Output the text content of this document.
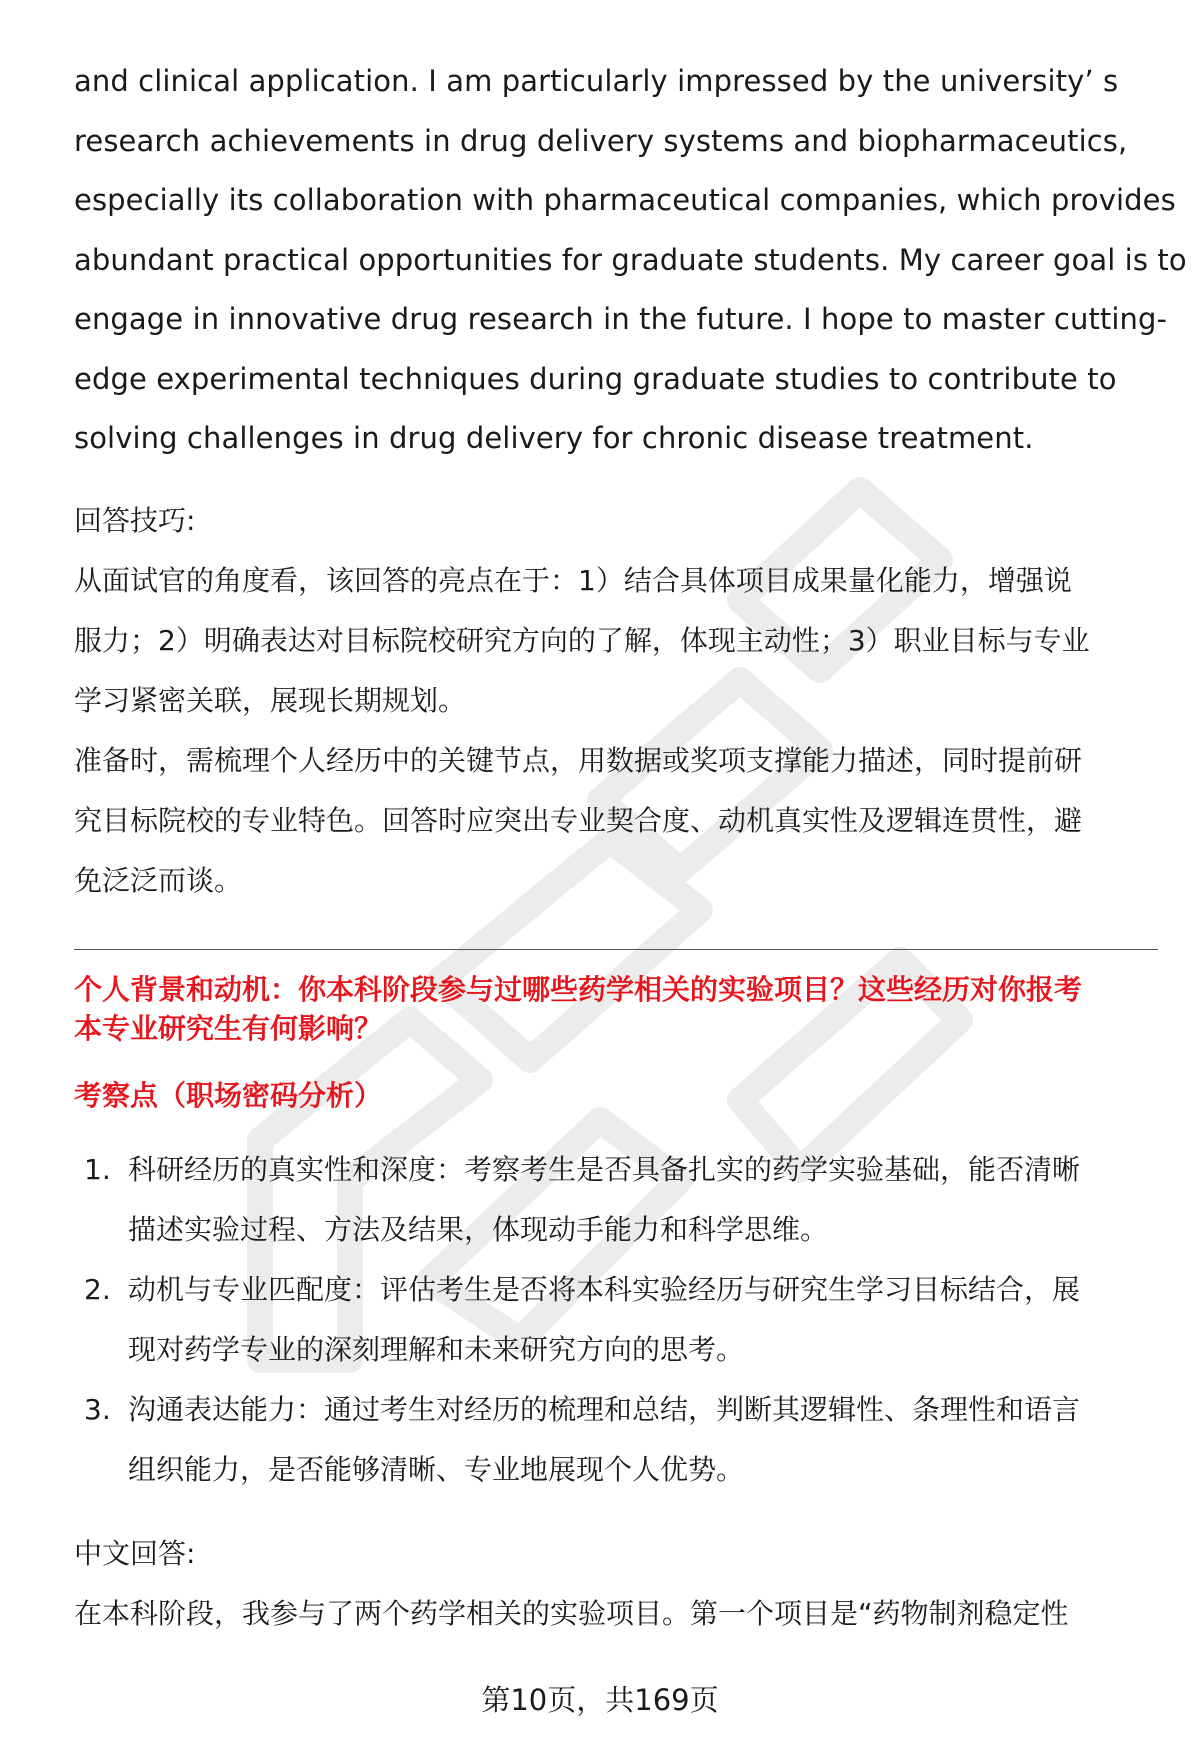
and clinical application. I am particularly impressed by the university’ s
research achievements in drug delivery systems and biopharmaceutics,
especially its collaboration with pharmaceutical companies, which provides
abundant practical opportunities for graduate students. My career goal is to
engage in innovative drug research in the future. I hope to master cutting-
edge experimental techniques during graduate studies to contribute to
solving challenges in drug delivery for chronic disease treatment.

回答技巧:

从面试官的角度看，该回答的亮点在于：1）结合具体项目成果量化能力，增强说
服力；2）明确表达对目标院校研究方向的了解，体现主动性；3）职业目标与专业
学习紧密关联，展现长期规划。

准备时，需梳理个人经历中的关键节点，用数据或奖项支撑能力描述，同时提前研
究目标院校的专业特色。回答时应突出专业契合度、动机真实性及逻辑连贯性，避
免泛泛而谈。

个人背景和动机：你本科阶段参与过哪些药学相关的实验项目？这些经历对你报考
本专业研究生有何影响？

考察点（职场密码分析）

1. 科研经历的真实性和深度：考察考生是否具备扎实的药学实验基础，能否清晰
描述实验过程、方法及结果，体现动手能力和科学思维。
2. 动机与专业匹配度：评估考生是否将本科实验经历与研究生学习目标结合，展
现对药学专业的深刻理解和未来研究方向的思考。
3. 沟通表达能力：通过考生对经历的梳理和总结，判断其逻辑性、条理性和语言
组织能力，是否能够清晰、专业地展现个人优势。

中文回答:

在本科阶段，我参与了两个药学相关的实验项目。第一个项目是“药物制剂稳定性

第10页，共169页
